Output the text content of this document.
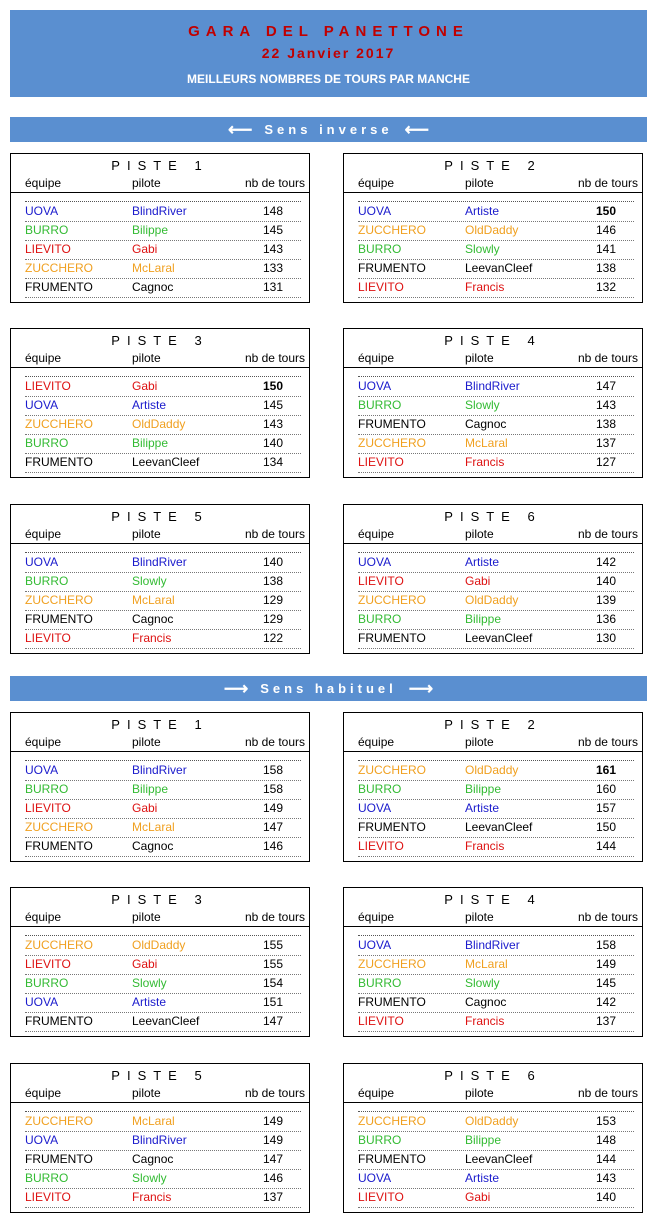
GARA DEL PANETTONE
22 Janvier 2017
MEILLEURS NOMBRES DE TOURS PAR MANCHE
⟵ Sens inverse ⟵
PISTE 1
équipe	pilote	nb de tours
UOVA	BlindRiver	148
BURRO	Bilippe	145
LIEVITO	Gabi	143
ZUCCHERO	McLaral	133
FRUMENTO	Cagnoc	131
PISTE 2
équipe	pilote	nb de tours
UOVA	Artiste	150
ZUCCHERO	OldDaddy	146
BURRO	Slowly	141
FRUMENTO	LeevanCleef	138
LIEVITO	Francis	132
PISTE 3
équipe	pilote	nb de tours
LIEVITO	Gabi	150
UOVA	Artiste	145
ZUCCHERO	OldDaddy	143
BURRO	Bilippe	140
FRUMENTO	LeevanCleef	134
PISTE 4
équipe	pilote	nb de tours
UOVA	BlindRiver	147
BURRO	Slowly	143
FRUMENTO	Cagnoc	138
ZUCCHERO	McLaral	137
LIEVITO	Francis	127
PISTE 5
équipe	pilote	nb de tours
UOVA	BlindRiver	140
BURRO	Slowly	138
ZUCCHERO	McLaral	129
FRUMENTO	Cagnoc	129
LIEVITO	Francis	122
PISTE 6
équipe	pilote	nb de tours
UOVA	Artiste	142
LIEVITO	Gabi	140
ZUCCHERO	OldDaddy	139
BURRO	Bilippe	136
FRUMENTO	LeevanCleef	130
⟶ Sens habituel ⟶
PISTE 1
équipe	pilote	nb de tours
UOVA	BlindRiver	158
BURRO	Bilippe	158
LIEVITO	Gabi	149
ZUCCHERO	McLaral	147
FRUMENTO	Cagnoc	146
PISTE 2
équipe	pilote	nb de tours
ZUCCHERO	OldDaddy	161
BURRO	Bilippe	160
UOVA	Artiste	157
FRUMENTO	LeevanCleef	150
LIEVITO	Francis	144
PISTE 3
équipe	pilote	nb de tours
ZUCCHERO	OldDaddy	155
LIEVITO	Gabi	155
BURRO	Slowly	154
UOVA	Artiste	151
FRUMENTO	LeevanCleef	147
PISTE 4
équipe	pilote	nb de tours
UOVA	BlindRiver	158
ZUCCHERO	McLaral	149
BURRO	Slowly	145
FRUMENTO	Cagnoc	142
LIEVITO	Francis	137
PISTE 5
équipe	pilote	nb de tours
ZUCCHERO	McLaral	149
UOVA	BlindRiver	149
FRUMENTO	Cagnoc	147
BURRO	Slowly	146
LIEVITO	Francis	137
PISTE 6
équipe	pilote	nb de tours
ZUCCHERO	OldDaddy	153
BURRO	Bilippe	148
FRUMENTO	LeevanCleef	144
UOVA	Artiste	143
LIEVITO	Gabi	140
